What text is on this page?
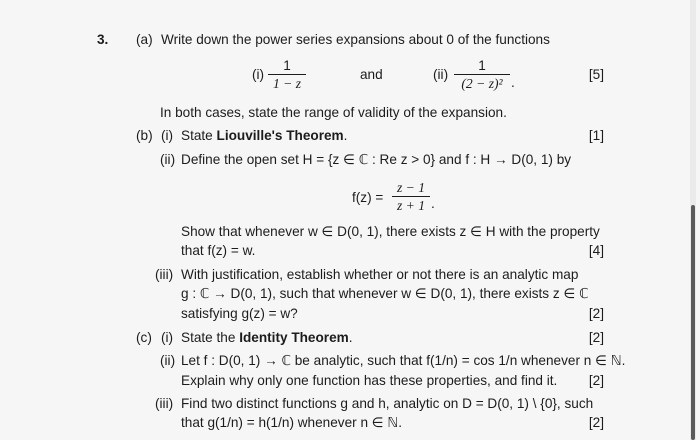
3. (a) Write down the power series expansions about 0 of the functions
(i)
1
1 − z
and	(ii)
1
(2 − z)² .
[5]
In both cases, state the range of validity of the expansion.
(b) (i) State Liouville's Theorem.	[1]
(ii) Define the open set H = {z ∈ ℂ : Re z > 0} and f : H → D(0, 1) by
f(z) =
z − 1
z + 1 .
Show that whenever w ∈ D(0, 1), there exists z ∈ H with the property
that f(z) = w.	[4]
(iii) With justification, establish whether or not there is an analytic map
g : ℂ → D(0, 1), such that whenever w ∈ D(0, 1), there exists z ∈ ℂ
satisfying g(z) = w?	[2]
(c) (i) State the Identity Theorem.	[2]
(ii) Let f : D(0, 1) → ℂ be analytic, such that f(1/n) = cos 1/n whenever n ∈ ℕ.
Explain why only one function has these properties, and find it.	[2]
(iii) Find two distinct functions g and h, analytic on D = D(0, 1) \ {0}, such
that g(1/n) = h(1/n) whenever n ∈ ℕ.	[2]
